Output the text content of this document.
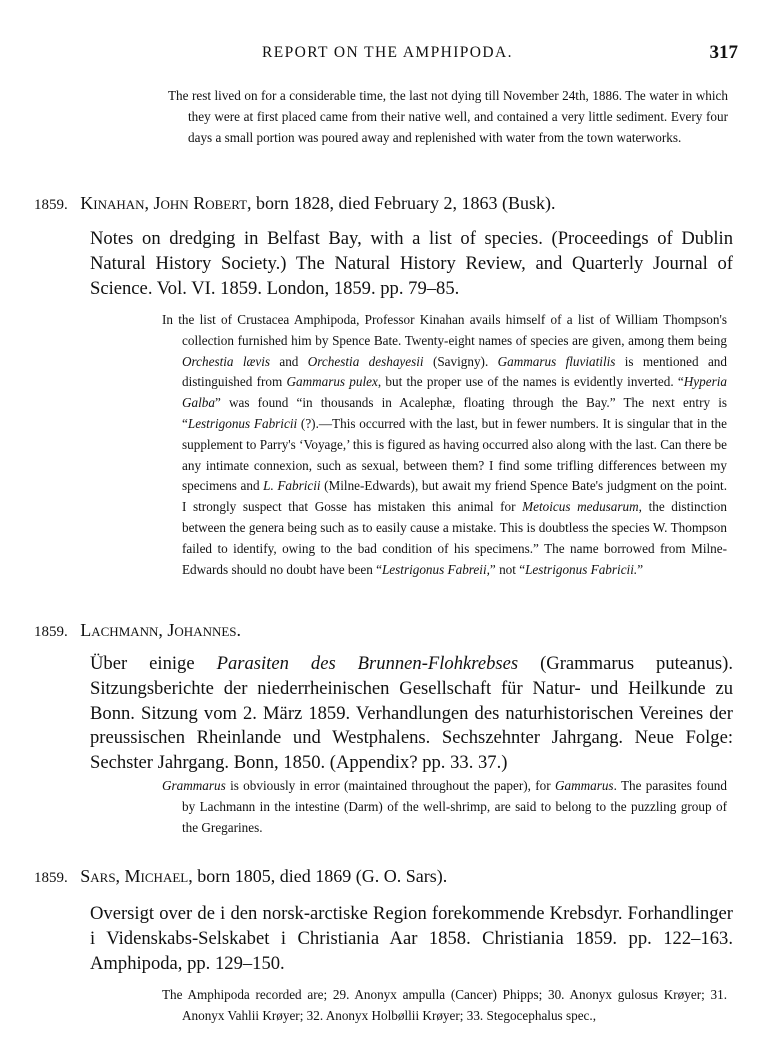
REPORT ON THE AMPHIPODA.	317

The rest lived on for a considerable time, the last not dying till November 24th, 1886. The water in which they were at first placed came from their native well, and contained a very little sediment. Every four days a small portion was poured away and replenished with water from the town waterworks.

1859. Kinahan, John Robert, born 1828, died February 2, 1863 (Busk).

Notes on dredging in Belfast Bay, with a list of species. (Proceedings of Dublin Natural History Society.) The Natural History Review, and Quarterly Journal of Science. Vol. VI. 1859. London, 1859. pp. 79–85.

In the list of Crustacea Amphipoda, Professor Kinahan avails himself of a list of William Thompson's collection furnished him by Spence Bate. Twenty-eight names of species are given, among them being Orchestia lævis and Orchestia deshayesii (Savigny). Gammarus fluviatilis is mentioned and distinguished from Gammarus pulex, but the proper use of the names is evidently inverted. “Hyperia Galba” was found “in thousands in Acalephæ, floating through the Bay.” The next entry is “Lestrigonus Fabricii (?).—This occurred with the last, but in fewer numbers. It is singular that in the supplement to Parry's ‘Voyage,’ this is figured as having occurred also along with the last. Can there be any intimate connexion, such as sexual, between them? I find some trifling differences between my specimens and L. Fabricii (Milne-Edwards), but await my friend Spence Bate's judgment on the point. I strongly suspect that Gosse has mistaken this animal for Metoicus medusarum, the distinction between the genera being such as to easily cause a mistake. This is doubtless the species W. Thompson failed to identify, owing to the bad condition of his specimens.” The name borrowed from Milne-Edwards should no doubt have been “Lestrigonus Fabreii,” not “Lestrigonus Fabricii.”

1859. Lachmann, Johannes.

Über einige Parasiten des Brunnen-Flohkrebses (Grammarus puteanus). Sitzungsberichte der niederrheinischen Gesellschaft für Natur- und Heilkunde zu Bonn. Sitzung vom 2. März 1859. Verhandlungen des naturhistorischen Vereines der preussischen Rheinlande und Westphalens. Sechszehnter Jahrgang. Neue Folge: Sechster Jahrgang. Bonn, 1850. (Appendix? pp. 33. 37.)

Grammarus is obviously in error (maintained throughout the paper), for Gammarus. The parasites found by Lachmann in the intestine (Darm) of the well-shrimp, are said to belong to the puzzling group of the Gregarines.

1859. Sars, Michael, born 1805, died 1869 (G. O. Sars).

Oversigt over de i den norsk-arctiske Region forekommende Krebsdyr. Forhandlinger i Videnskabs-Selskabet i Christiania Aar 1858. Christiania 1859. pp. 122–163. Amphipoda, pp. 129–150.

The Amphipoda recorded are; 29. Anonyx ampulla (Cancer) Phipps; 30. Anonyx gulosus Krøyer; 31. Anonyx Vahlii Krøyer; 32. Anonyx Holbøllii Krøyer; 33. Stegocephalus spec.,
